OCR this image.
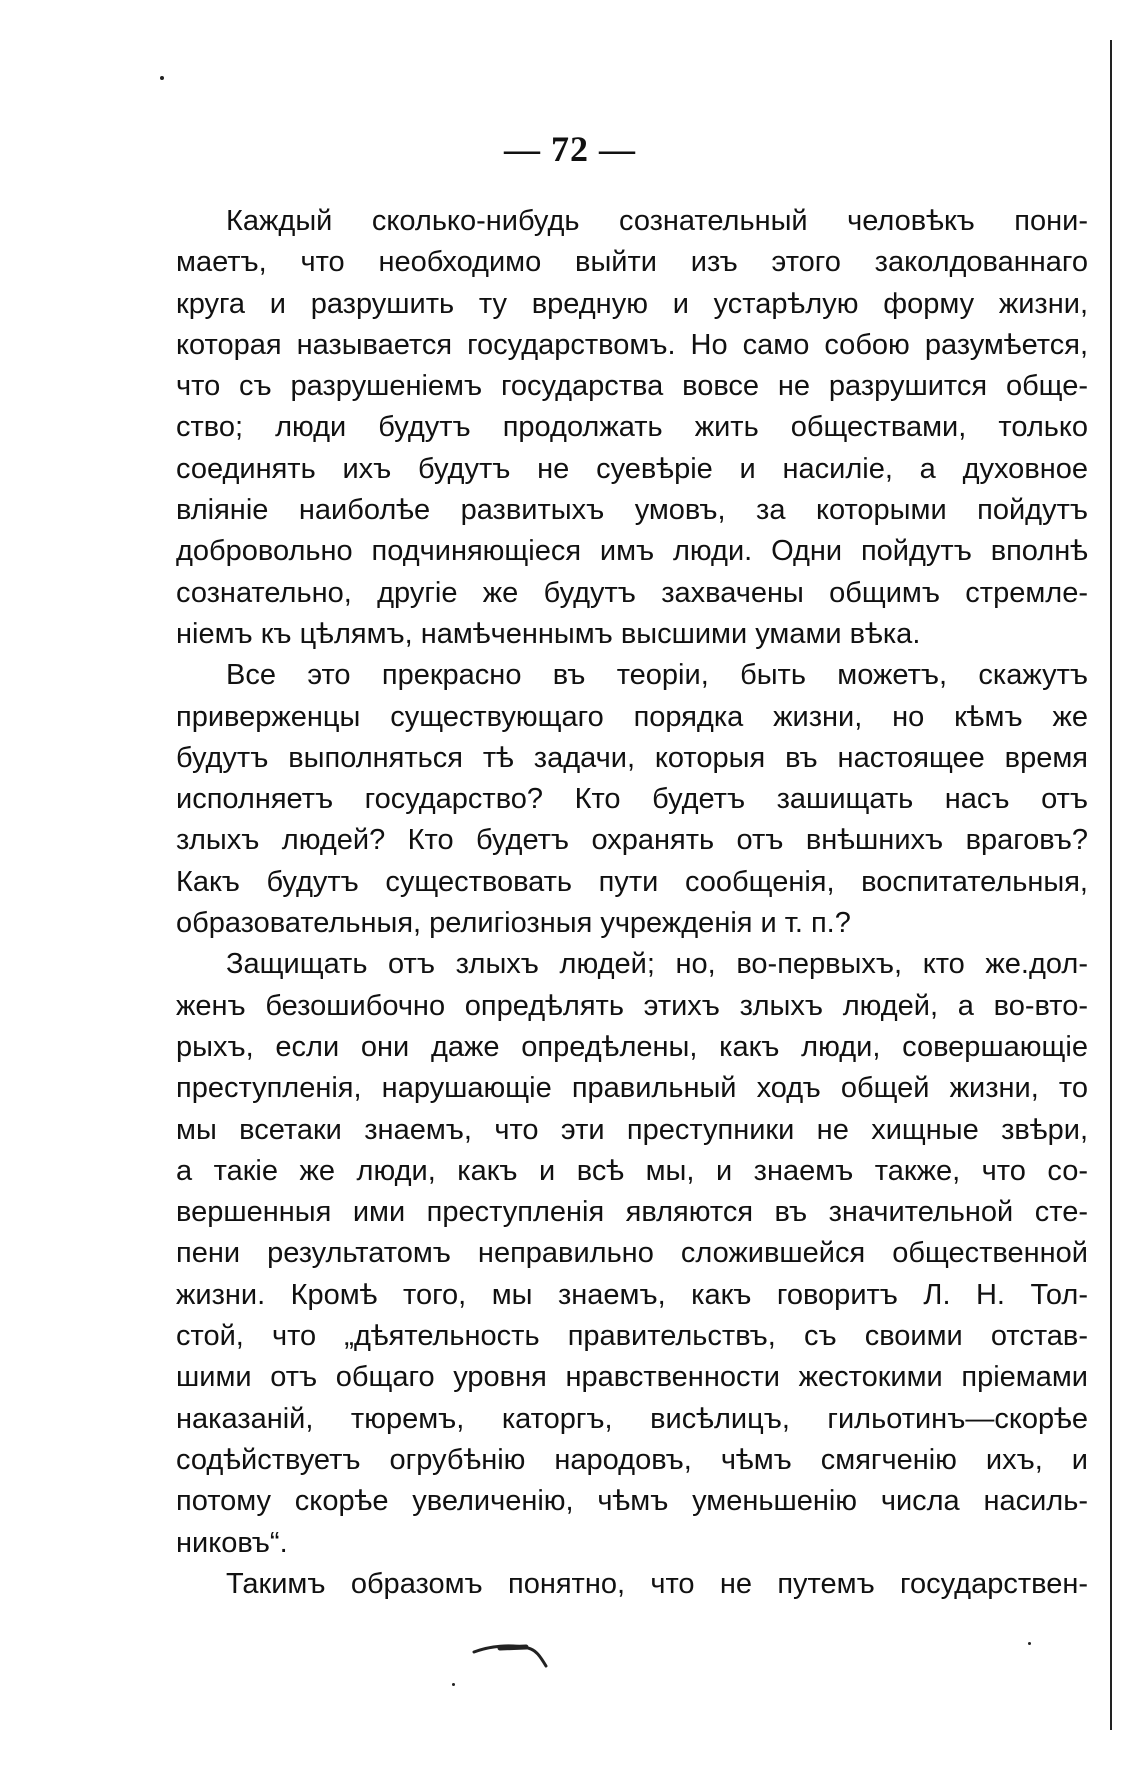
— 72 —
Каждый сколько-нибудь сознательный человѣкъ пони-
маетъ, что необходимо выйти изъ этого заколдованнаго
круга и разрушить ту вредную и устарѣлую форму жизни,
которая называется государствомъ. Но само собою разумѣется,
что съ разрушеніемъ государства вовсе не разрушится обще-
ство; люди будутъ продолжать жить обществами, только
соединять ихъ будутъ не суевѣріе и насиліе, а духовное
вліяніе наиболѣе развитыхъ умовъ, за которыми пойдутъ
добровольно подчиняющіеся имъ люди. Одни пойдутъ вполнѣ
сознательно, другіе же будутъ захвачены общимъ стремле-
ніемъ къ цѣлямъ, намѣченнымъ высшими умами вѣка.
Все это прекрасно въ теоріи, быть можетъ, скажутъ
приверженцы существующаго порядка жизни, но кѣмъ же
будутъ выполняться тѣ задачи, которыя въ настоящее время
исполняетъ государство? Кто будетъ зашищать насъ отъ
злыхъ людей? Кто будетъ охранять отъ внѣшнихъ враговъ?
Какъ будутъ существовать пути сообщенія, воспитательныя,
образовательныя, религіозныя учрежденія и т. п.?
Защищать отъ злыхъ людей; но, во-первыхъ, кто же.дол-
женъ безошибочно опредѣлять этихъ злыхъ людей, а во-вто-
рыхъ, если они даже опредѣлены, какъ люди, совершающіе
преступленія, нарушающіе правильный ходъ общей жизни, то
мы всетаки знаемъ, что эти преступники не хищные звѣри,
а такіе же люди, какъ и всѣ мы, и знаемъ также, что со-
вершенныя ими преступленія являются въ значительной сте-
пени результатомъ неправильно сложившейся общественной
жизни. Кромѣ того, мы знаемъ, какъ говоритъ Л. Н. Тол-
стой, что „дѣятельность правительствъ, съ своими отстав-
шими отъ общаго уровня нравственности жестокими пріемами
наказаній, тюремъ, каторгъ, висѣлицъ, гильотинъ—скорѣе
содѣйствуетъ огрубѣнію народовъ, чѣмъ смягченію ихъ, и
потому скорѣе увеличенію, чѣмъ уменьшенію числа насиль-
никовъ“.
Такимъ образомъ понятно, что не путемъ государствен-
